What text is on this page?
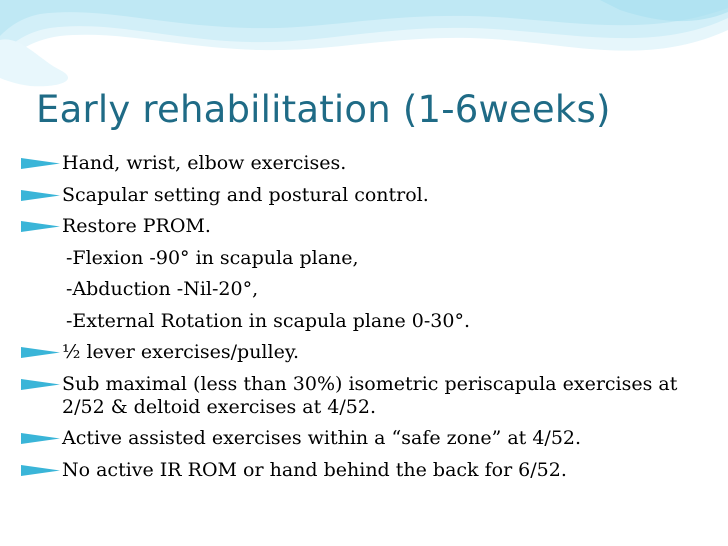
Early rehabilitation (1-6weeks)
Hand, wrist, elbow exercises.
Scapular setting and postural control.
Restore PROM.
-Flexion -90° in scapula plane,
-Abduction -Nil-20°,
-External Rotation in scapula plane 0-30°.
½ lever exercises/pulley.
Sub maximal (less than 30%) isometric periscapula exercises at 2/52 & deltoid exercises at 4/52.
Active assisted exercises within a “safe zone” at 4/52.
No active IR ROM or hand behind the back for 6/52.
